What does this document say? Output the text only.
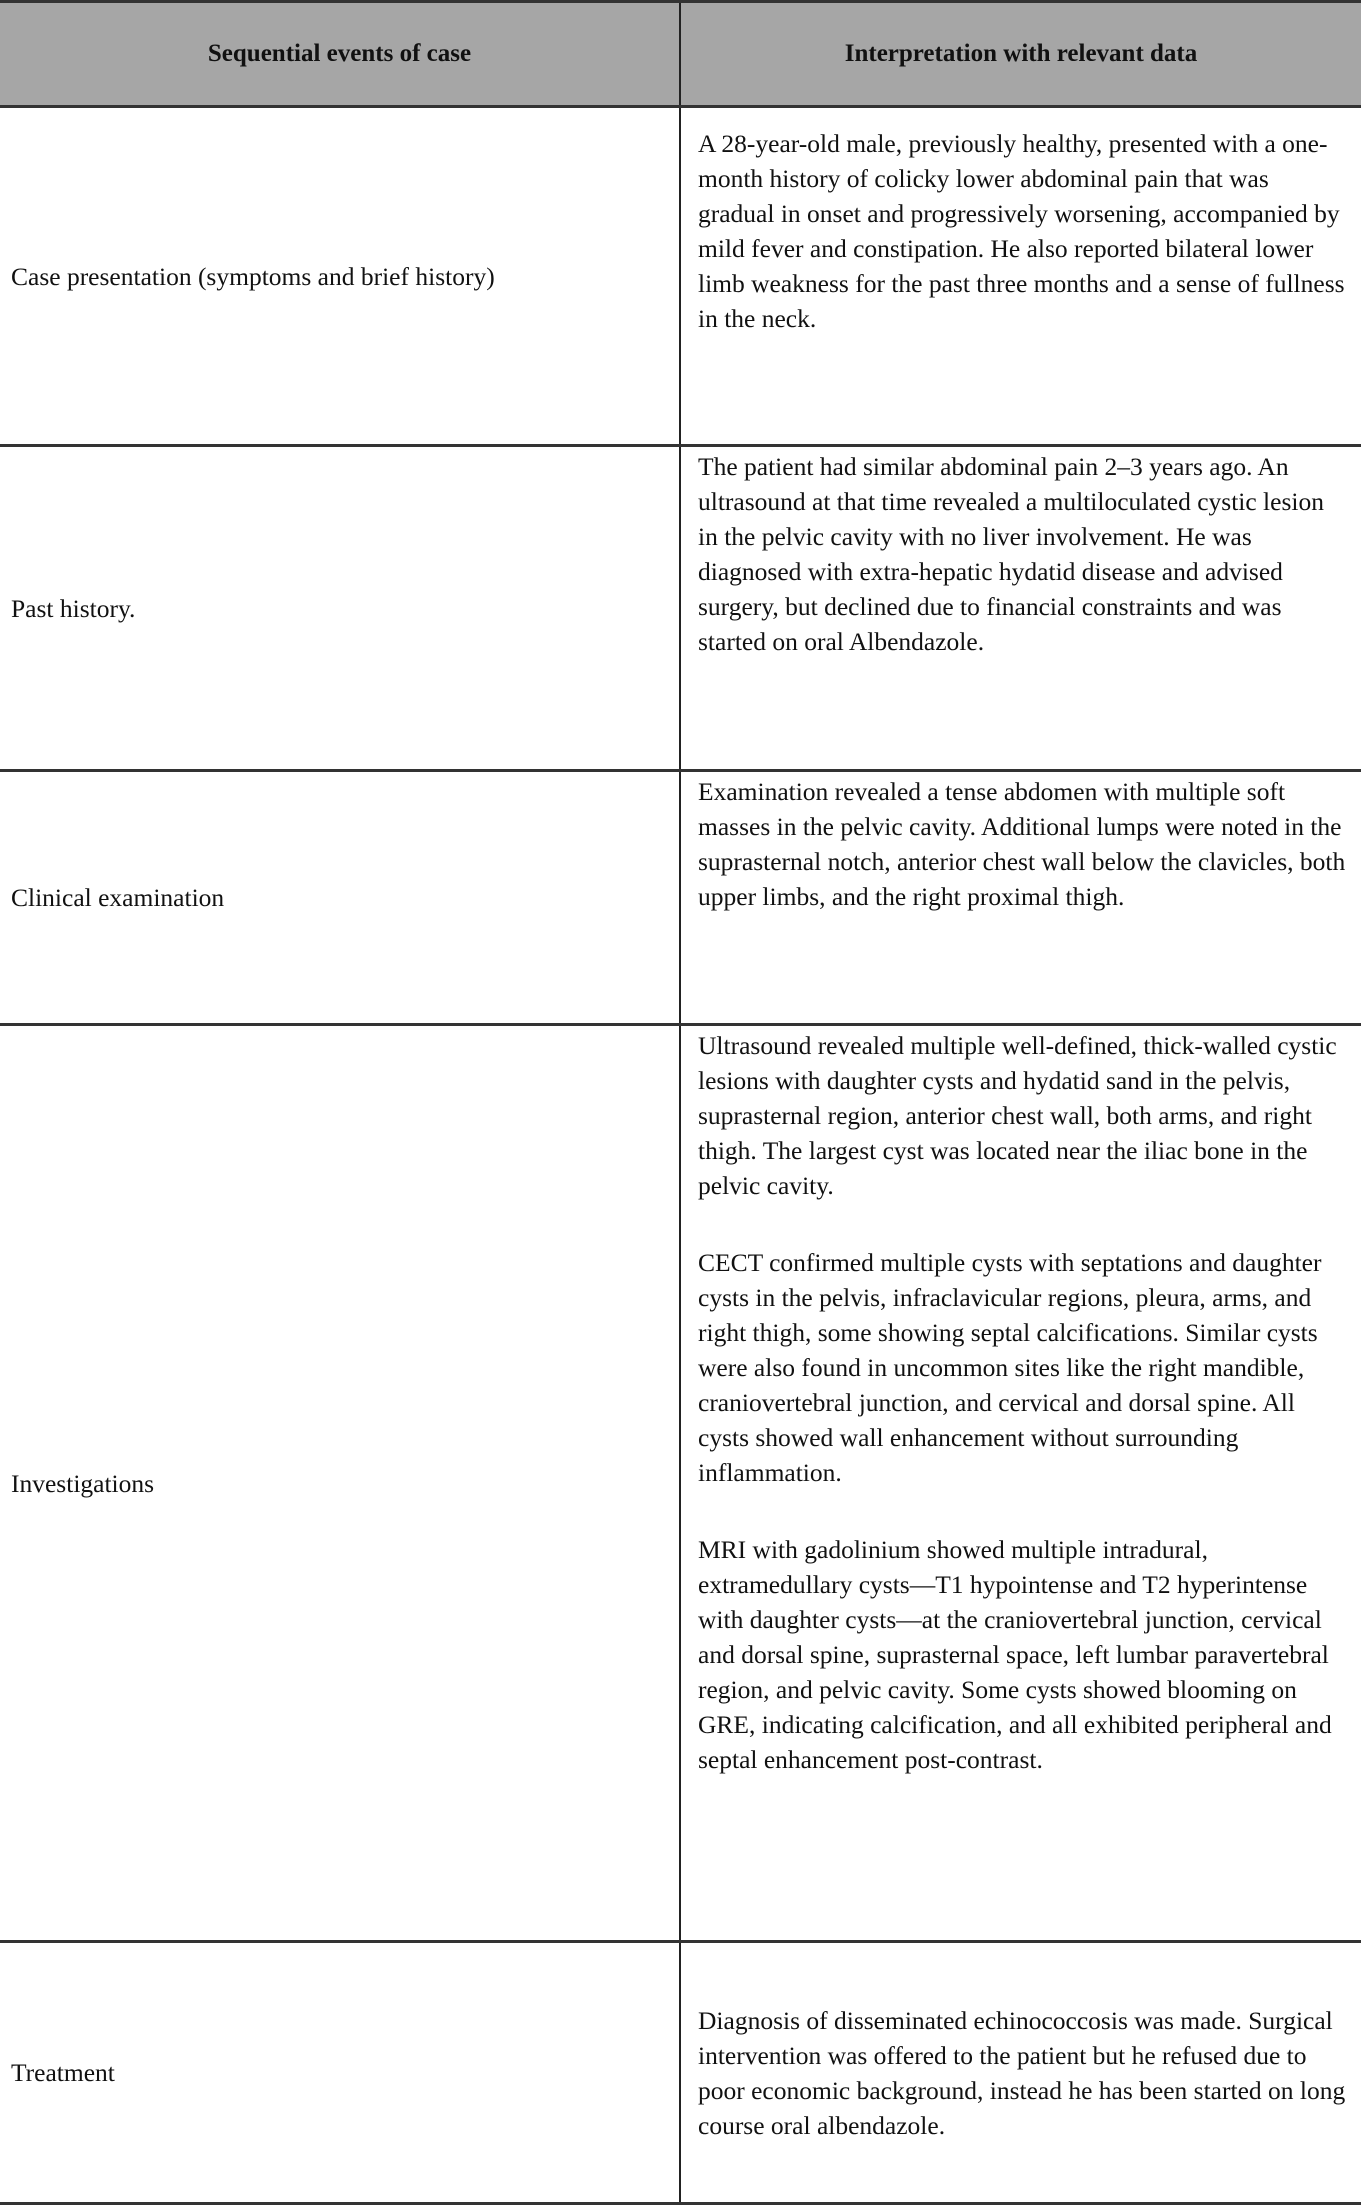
Sequential events of case	Interpretation with relevant data
Case presentation (symptoms and brief history)	A 28-year-old male, previously healthy, presented with a one-month history of colicky lower abdominal pain that was gradual in onset and progressively worsening, accompanied by mild fever and constipation. He also reported bilateral lower limb weakness for the past three months and a sense of fullness in the neck.

Past history.	The patient had similar abdominal pain 2–3 years ago. An ultrasound at that time revealed a multiloculated cystic lesion in the pelvic cavity with no liver involvement. He was diagnosed with extra-hepatic hydatid disease and advised surgery, but declined due to financial constraints and was started on oral Albendazole.

Clinical examination	Examination revealed a tense abdomen with multiple soft masses in the pelvic cavity. Additional lumps were noted in the suprasternal notch, anterior chest wall below the clavicles, both upper limbs, and the right proximal thigh.

Investigations	Ultrasound revealed multiple well-defined, thick-walled cystic lesions with daughter cysts and hydatid sand in the pelvis, suprasternal region, anterior chest wall, both arms, and right thigh. The largest cyst was located near the iliac bone in the pelvic cavity.

CECT confirmed multiple cysts with septations and daughter cysts in the pelvis, infraclavicular regions, pleura, arms, and right thigh, some showing septal calcifications. Similar cysts were also found in uncommon sites like the right mandible, craniovertebral junction, and cervical and dorsal spine. All cysts showed wall enhancement without surrounding inflammation.

MRI with gadolinium showed multiple intradural, extramedullary cysts—T1 hypointense and T2 hyperintense with daughter cysts—at the craniovertebral junction, cervical and dorsal spine, suprasternal space, left lumbar paravertebral region, and pelvic cavity. Some cysts showed blooming on GRE, indicating calcification, and all exhibited peripheral and septal enhancement post-contrast.

Treatment	Diagnosis of disseminated echinococcosis was made. Surgical intervention was offered to the patient but he refused due to poor economic background, instead he has been started on long course oral albendazole.
